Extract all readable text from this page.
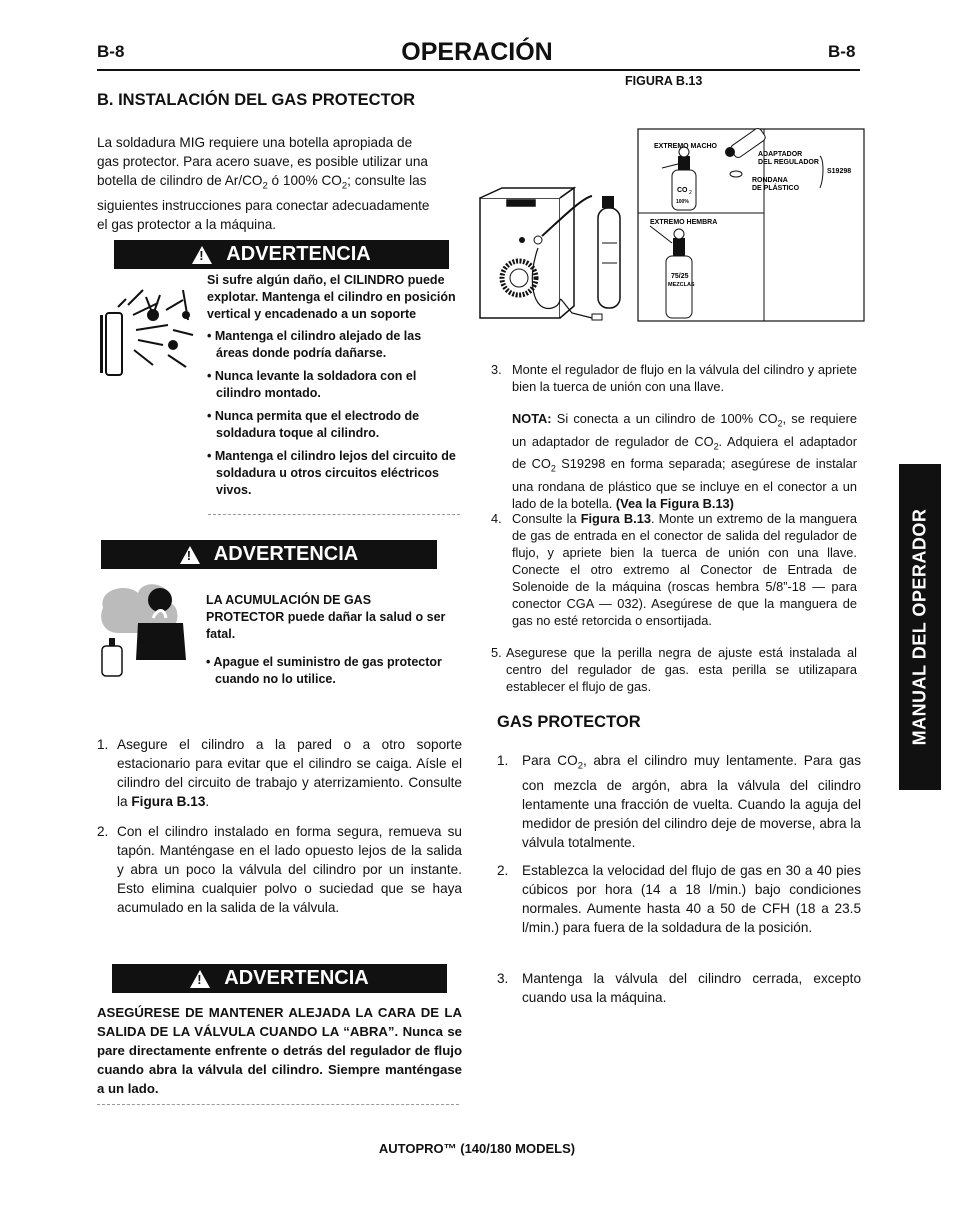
B-8	B-8
OPERACIÓN
FIGURA B.13
B. INSTALACIÓN DEL GAS PROTECTOR
La soldadura MIG requiere una botella apropiada de
gas protector. Para acero suave, es posible utilizar una
botella de cilindro de $Ar/CO_2$ ó 100% $CO_2$; consulte las
siguientes instrucciones para conectar adecuadamente
el gas protector a la máquina.
!
ADVERTENCIA
Si sufre algún daño, el CILINDRO puede explotar. Mantenga el cilindro en posición vertical y encadenado a un soporte
• Mantenga el cilindro alejado de las áreas donde podría dañarse.
• Nunca levante la soldadora con el cilindro montado.
• Nunca permita que el electrodo de soldadura toque al cilindro.
• Mantenga el cilindro lejos del circuito de soldadura u otros circuitos eléctricos vivos.
!
ADVERTENCIA
LA ACUMULACIÓN DE GAS PROTECTOR puede dañar la salud o ser fatal.
• Apague el suministro de gas protector cuando no lo utilice.
1. Asegure el cilindro a la pared o a otro soporte estacionario para evitar que el cilindro se caiga. Aísle el cilindro del circuito de trabajo y aterrizamiento. Consulte la Figura B.13.
2. Con el cilindro instalado en forma segura, remueva su tapón. Manténgase en el lado opuesto lejos de la salida y abra un poco la válvula del cilindro por un instante. Esto elimina cualquier polvo o suciedad que se haya acumulado en la salida de la válvula.
!
ADVERTENCIA
ASEGÚRESE DE MANTENER ALEJADA LA CARA DE LA SALIDA DE LA VÁLVULA CUANDO LA “ABRA”. Nunca se pare directamente enfrente o detrás del regulador de flujo cuando abra la válvula del cilindro. Siempre manténgase a un lado.
EXTREMO MACHO
EXTREMO HEMBRA
ADAPTADOR
DEL REGULADOR
RONDANA
DE PLÁSTICO
S19298
CO 2
100%
75/25
MEZCLAS
3. Monte el regulador de flujo en la válvula del cilindro y apriete bien la tuerca de unión con una llave.
NOTA: Si conecta a un cilindro de 100% $CO_2$, se requiere un adaptador de regulador de $CO_2$. Adquiera el adaptador de $CO_2$ S19298 en forma separada; asegúrese de instalar una rondana de plástico que se incluye en el conector a un lado de la botella. (Vea la Figura B.13)
4. Consulte la Figura B.13. Monte un extremo de la manguera de gas de entrada en el conector de salida del regulador de flujo, y apriete bien la tuerca de unión con una llave. Conecte el otro extremo al Conector de Entrada de Solenoide de la máquina (roscas hembra 5/8”-18 — para conector CGA — 032). Asegúrese de que la manguera de gas no esté retorcida o ensortijada.
5. Asegurese que la perilla negra de ajuste está instalada al centro del regulador de gas. esta perilla se utilizapara establecer el flujo de gas.
GAS PROTECTOR
1. Para $CO_2$, abra el cilindro muy lentamente. Para gas con mezcla de argón, abra la válvula del cilindro lentamente una fracción de vuelta. Cuando la aguja del medidor de presión del cilindro deje de moverse, abra la válvula totalmente.
2. Establezca la velocidad del flujo de gas en 30 a 40 pies cúbicos por hora (14 a 18 l/min.) bajo condiciones normales. Aumente hasta 40 a 50 de CFH (18 a 23.5 l/min.) para fuera de la soldadura de la posición.
3. Mantenga la válvula del cilindro cerrada, excepto cuando usa la máquina.
MANUAL DEL OPERADOR
AUTOPRO™ (140/180 MODELS)
